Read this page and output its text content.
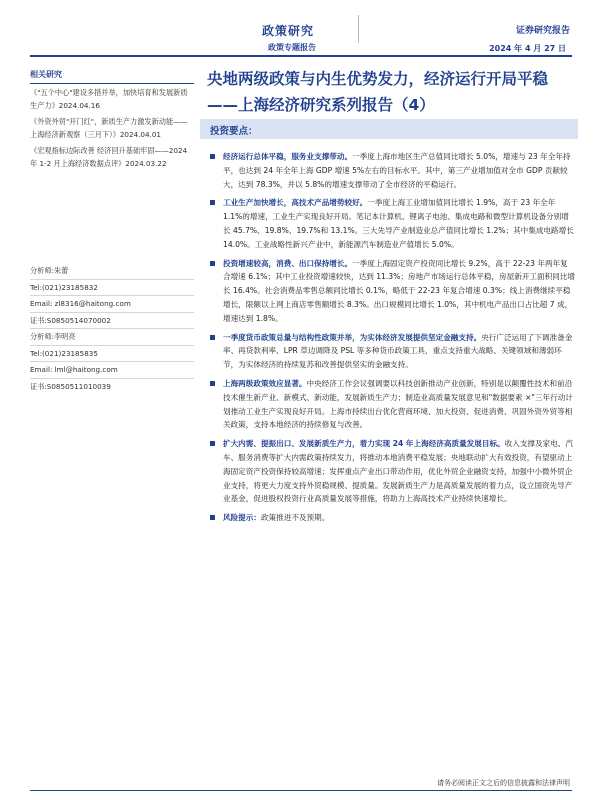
政策研究
政策专题报告
证券研究报告
2024 年 4 月 27 日
相关研究
《"五个中心"建设多措并举，加快培育和发展新质生产力》2024.04.16
《外资外贸"开门红"，新质生产力激发新动能——上海经济新观察（三月下）》2024.04.01
《宏观指标边际改善 经济回升基础牢固——2024 年 1-2 月上海经济数据点评》2024.03.22
分析师:朱蕾
Tel:(021)23185832
Email: zl8316@haitong.com
证书:S0850514070002
分析师:李明亮
Tel:(021)23185835
Email: lml@haitong.com
证书:S0850511010039
央地两级政策与内生优势发力，经济运行开局平稳——上海经济研究系列报告（4）
投资要点：
经济运行总体平稳，服务业支撑带动。一季度上海市地区生产总值同比增长 5.0%，增速与 23 年全年持平，也达到 24 年全年上海 GDP 增速 5%左右的目标水平。其中，第三产业增加值对全市 GDP 贡献较大，达到 78.3%，并以 5.8%的增速支撑带动了全市经济的平稳运行。
工业生产加快增长，高技术产品增势较好。一季度上海工业增加值同比增长 1.9%，高于 23 年全年 1.1%的增速，工业生产实现良好开局。笔记本计算机、锂离子电池、集成电路和微型计算机设备分别增长 45.7%、19.8%、19.7%和 13.1%。三大先导产业制造业总产值同比增长 1.2%；其中集成电路增长 14.0%。工业战略性新兴产业中，新能源汽车制造业产值增长 5.0%。
投资增速较高，消费、出口保持增长。一季度上海固定资产投资同比增长 9.2%，高于 22-23 年两年复合增速 6.1%；其中工业投资增速较快，达到 11.3%；房地产市场运行总体平稳，房屋新开工面积同比增长 16.4%。社会消费品零售总额同比增长 0.1%，略低于 22-23 年复合增速 0.3%；线上消费继续平稳增长，限额以上网上商店零售额增长 8.3%。出口规模同比增长 1.0%，其中机电产品出口占比超 7 成，增速达到 1.8%。
一季度货币政策总量与结构性政策并举，为实体经济发展提供坚定金融支持。央行广泛运用了下调准备金率、再贷款利率、LPR 草边调降及 PSL 等多种货币政策工具，重点支持重大战略、关键领域和薄弱环节，为实体经济的持续复苏和改善提供坚实的金融支持。
上海两级政策效应显著。中央经济工作会议强调要以科技创新推动产业创新，特别是以颠覆性技术和前沿技术催生新产业、新模式、新动能，发展新质生产力；制造业高质量发展意见和"数据要素 ×"三年行动计划推动工业生产实现良好开局。上海市持续出台优化营商环境、加大投资、促进消费、巩固外资外贸等相关政策，支持本地经济的持续修复与改善。
扩大内需、提振出口、发展新质生产力，着力实现 24 年上海经济高质量发展目标。收入支撑及家电、汽车、服务消费等扩大内需政策持续发力，将推动本地消费平稳发展；央地联动扩大有效投资，有望驱动上海固定资产投资保持较高增速；发挥重点产业出口带动作用，优化外贸企业融资支持，加强中小微外贸企业支持，将更大力度支持外贸稳规模、提质量。发展新质生产力是高质量发展的着力点，设立国资先导产业基金，促进股权投资行业高质量发展等措施，将助力上海高技术产业持续快速增长。
风险提示：政策推进不及预期。
请务必阅读正文之后的信息披露和法律声明
